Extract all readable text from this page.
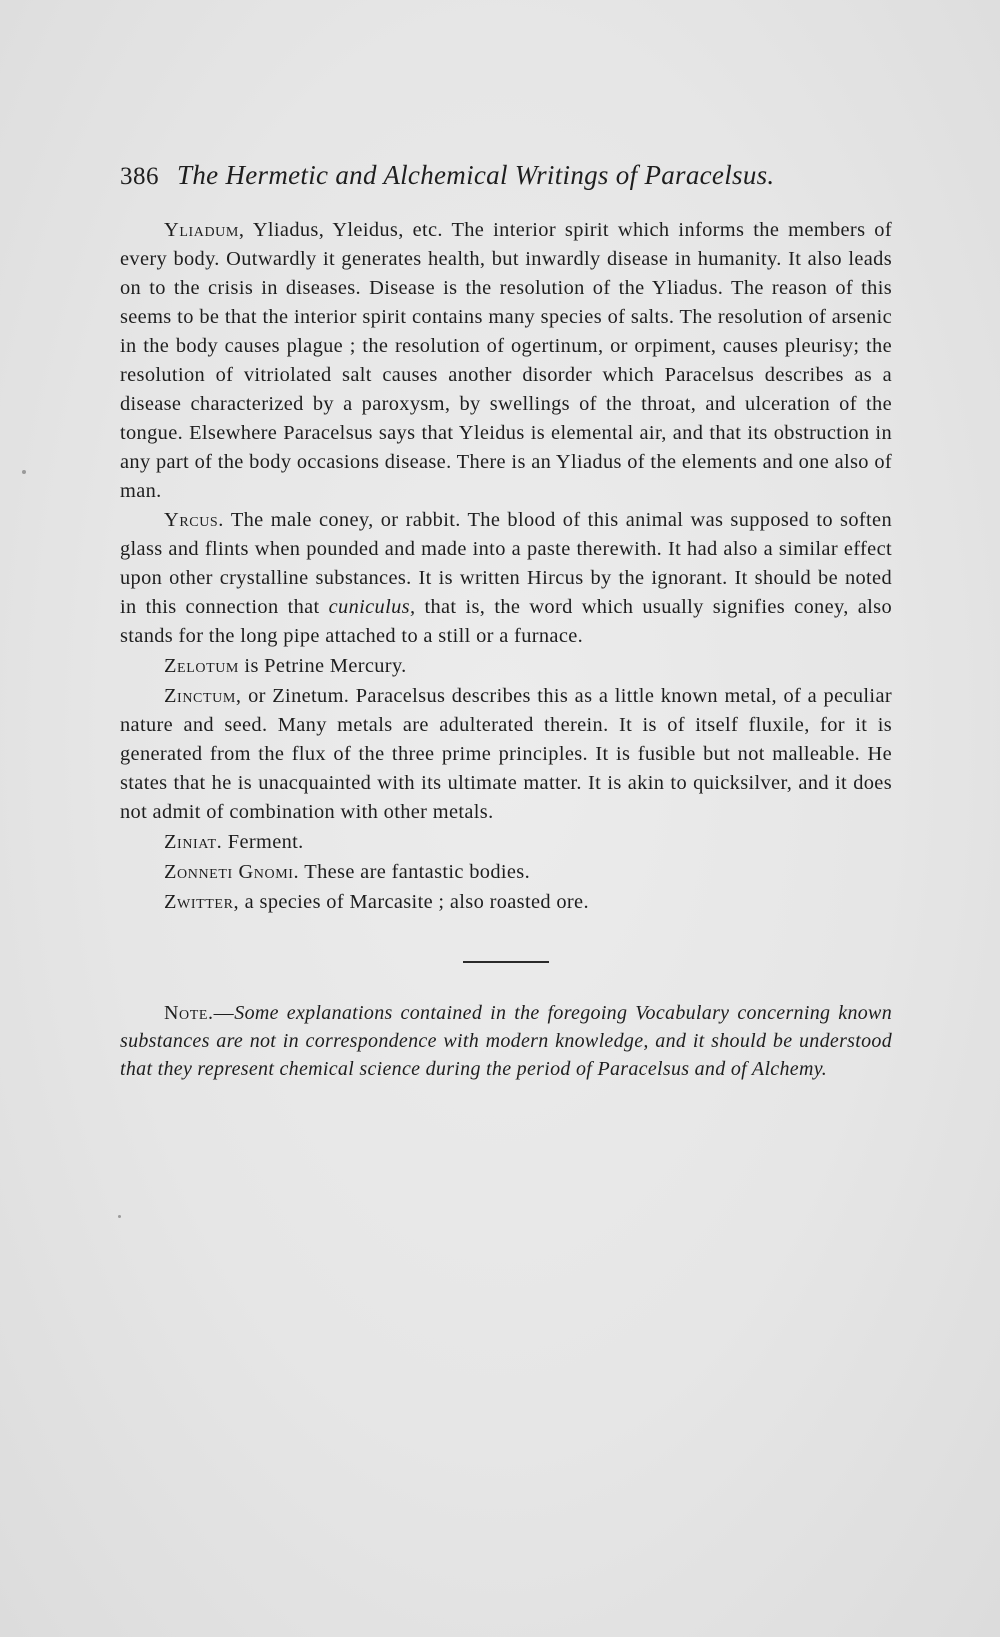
386 The Hermetic and Alchemical Writings of Paracelsus.

Yliadum, Yliadus, Yleidus, etc. The interior spirit which informs the members of every body. Outwardly it generates health, but inwardly disease in humanity. It also leads on to the crisis in diseases. Disease is the resolution of the Yliadus. The reason of this seems to be that the interior spirit contains many species of salts. The resolution of arsenic in the body causes plague ; the resolution of ogertinum, or orpiment, causes pleurisy; the resolution of vitriolated salt causes another disorder which Paracelsus describes as a disease characterized by a paroxysm, by swellings of the throat, and ulceration of the tongue. Elsewhere Paracelsus says that Yleidus is elemental air, and that its obstruction in any part of the body occasions disease. There is an Yliadus of the elements and one also of man.

Yrcus. The male coney, or rabbit. The blood of this animal was supposed to soften glass and flints when pounded and made into a paste therewith. It had also a similar effect upon other crystalline substances. It is written Hircus by the ignorant. It should be noted in this connection that cuniculus, that is, the word which usually signifies coney, also stands for the long pipe attached to a still or a furnace.

Zelotum is Petrine Mercury.

Zinctum, or Zinetum. Paracelsus describes this as a little known metal, of a peculiar nature and seed. Many metals are adulterated therein. It is of itself fluxile, for it is generated from the flux of the three prime principles. It is fusible but not malleable. He states that he is unacquainted with its ultimate matter. It is akin to quicksilver, and it does not admit of combination with other metals.

Ziniat. Ferment.

Zonneti Gnomi. These are fantastic bodies.

Zwitter, a species of Marcasite ; also roasted ore.

Note.—Some explanations contained in the foregoing Vocabulary concerning known substances are not in correspondence with modern knowledge, and it should be understood that they represent chemical science during the period of Paracelsus and of Alchemy.
